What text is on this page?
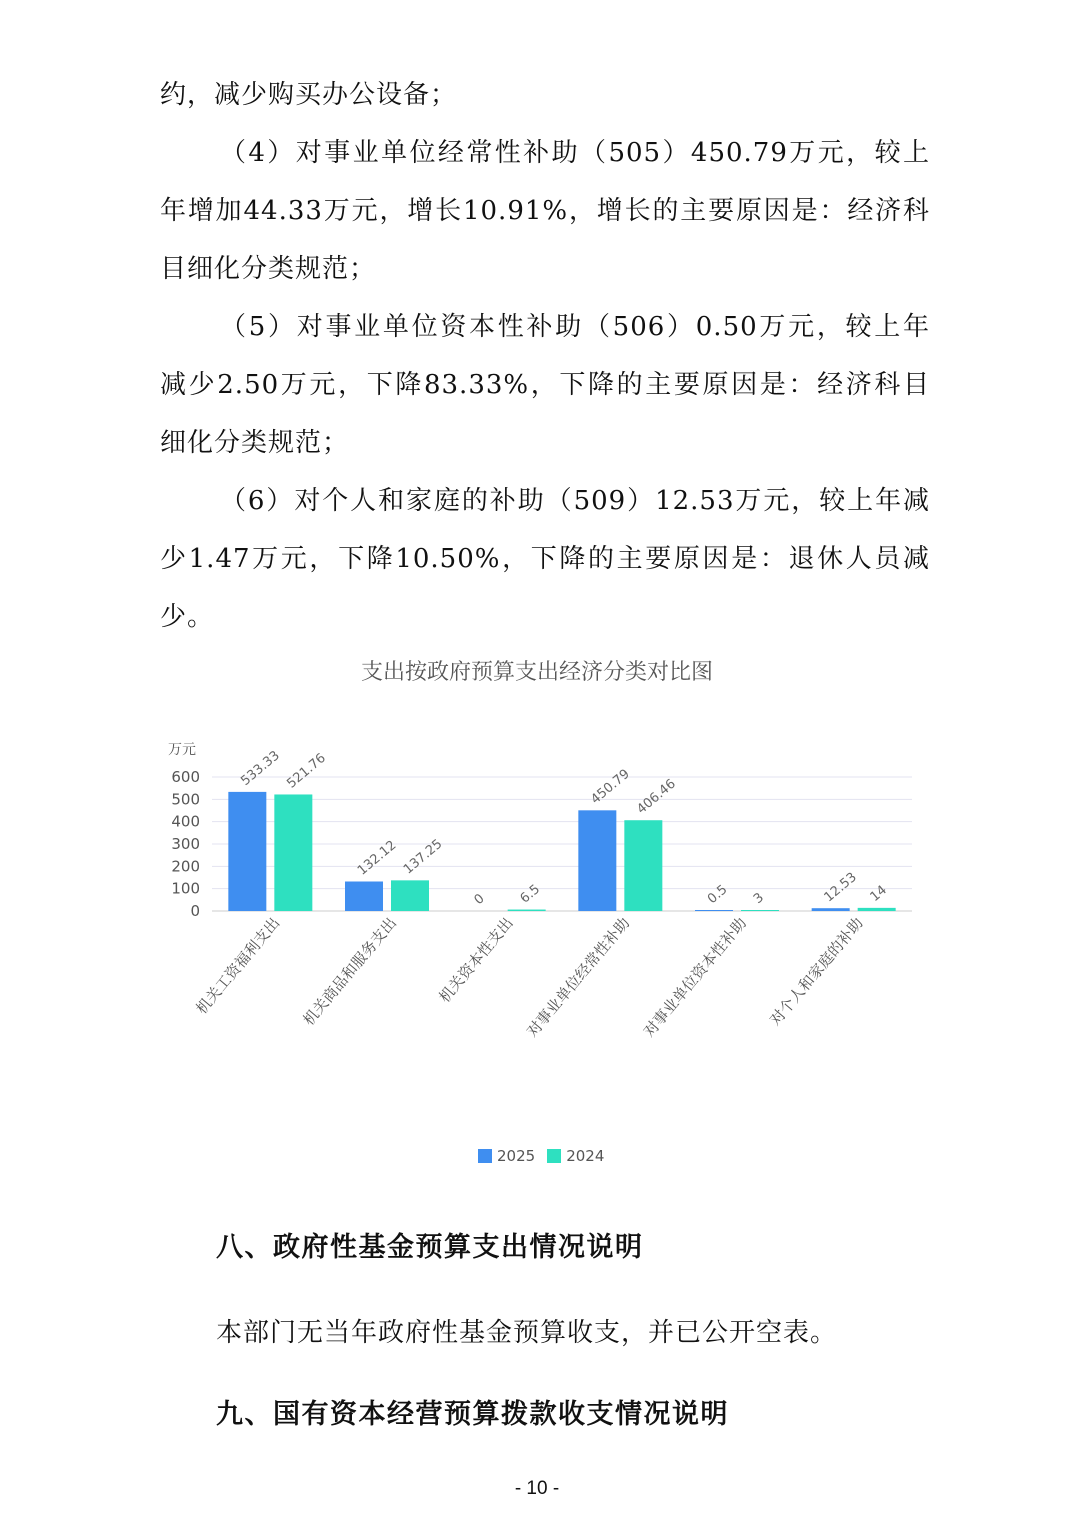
约，减少购买办公设备；
（4）对事业单位经常性补助（505）450.79万元，较上
年增加44.33万元，增长10.91%，增长的主要原因是：经济科
目细化分类规范；
（5）对事业单位资本性补助（506）0.50万元，较上年
减少2.50万元，下降83.33%，下降的主要原因是：经济科目
细化分类规范；
（6）对个人和家庭的补助（509）12.53万元，较上年减
少1.47万元，下降10.50%，下降的主要原因是：退休人员减
少。
支出按政府预算支出经济分类对比图
0
100
200
300
400
500
600
万元	533.33 521.76
机关工资福利支出
132.12 137.25
机关商品和服务支出
0 6.5
机关资本性支出
450.79 406.46
对事业单位经常性补助
0.5 3
对事业单位资本性补助
12.53 14
对个人和家庭的补助
2025 2024
八、政府性基金预算支出情况说明
本部门无当年政府性基金预算收支，并已公开空表。
九、国有资本经营预算拨款收支情况说明
- 10 -
